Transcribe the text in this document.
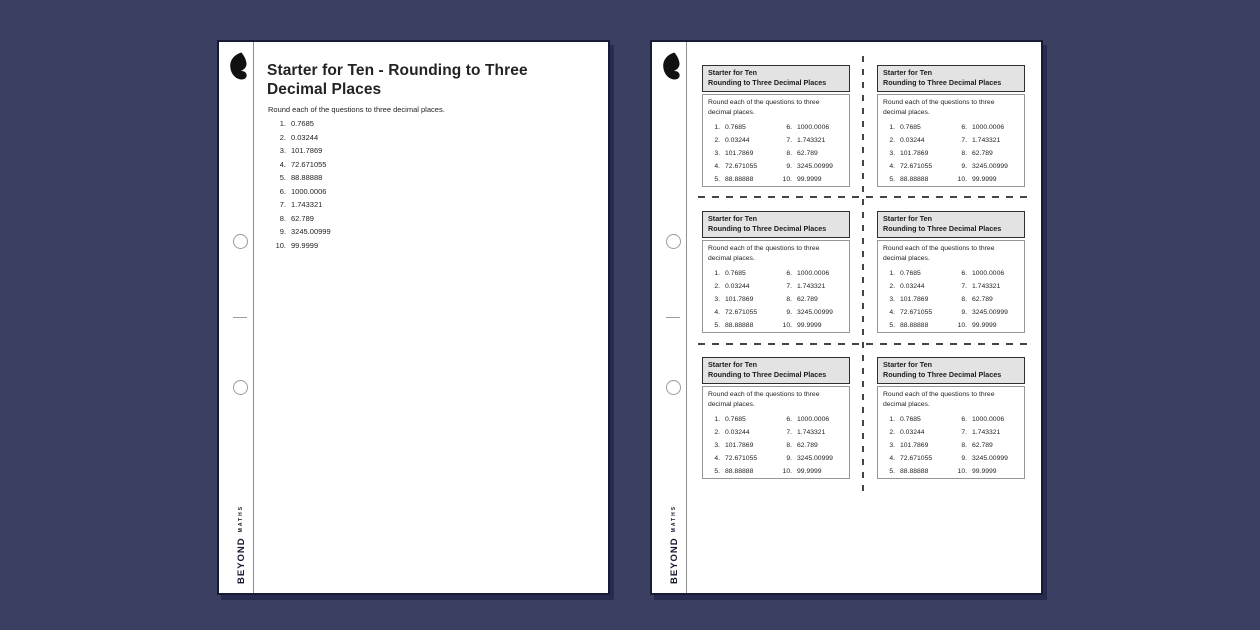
Starter for Ten - Rounding to Three Decimal Places
Round each of the questions to three decimal places.
1. 0.7685
2. 0.03244
3. 101.7869
4. 72.671055
5. 88.88888
6. 1000.0006
7. 1.743321
8. 62.789
9. 3245.00999
10. 99.9999
BEYOND
MATHS
Starter for Ten
Rounding to Three Decimal Places
Round each of the questions to three decimal places.
1. 0.7685	6. 1000.0006
2. 0.03244	7. 1.743321
3. 101.7869	8. 62.789
4. 72.671055	9. 3245.00999
5. 88.88888	10. 99.9999
Starter for Ten
Rounding to Three Decimal Places
Round each of the questions to three decimal places.
1. 0.7685	6. 1000.0006
2. 0.03244	7. 1.743321
3. 101.7869	8. 62.789
4. 72.671055	9. 3245.00999
5. 88.88888	10. 99.9999
Starter for Ten
Rounding to Three Decimal Places
Round each of the questions to three decimal places.
1. 0.7685	6. 1000.0006
2. 0.03244	7. 1.743321
3. 101.7869	8. 62.789
4. 72.671055	9. 3245.00999
5. 88.88888	10. 99.9999
Starter for Ten
Rounding to Three Decimal Places
Round each of the questions to three decimal places.
1. 0.7685	6. 1000.0006
2. 0.03244	7. 1.743321
3. 101.7869	8. 62.789
4. 72.671055	9. 3245.00999
5. 88.88888	10. 99.9999
Starter for Ten
Rounding to Three Decimal Places
Round each of the questions to three decimal places.
1. 0.7685	6. 1000.0006
2. 0.03244	7. 1.743321
3. 101.7869	8. 62.789
4. 72.671055	9. 3245.00999
5. 88.88888	10. 99.9999
Starter for Ten
Rounding to Three Decimal Places
Round each of the questions to three decimal places.
1. 0.7685	6. 1000.0006
2. 0.03244	7. 1.743321
3. 101.7869	8. 62.789
4. 72.671055	9. 3245.00999
5. 88.88888	10. 99.9999
BEYOND
MATHS
